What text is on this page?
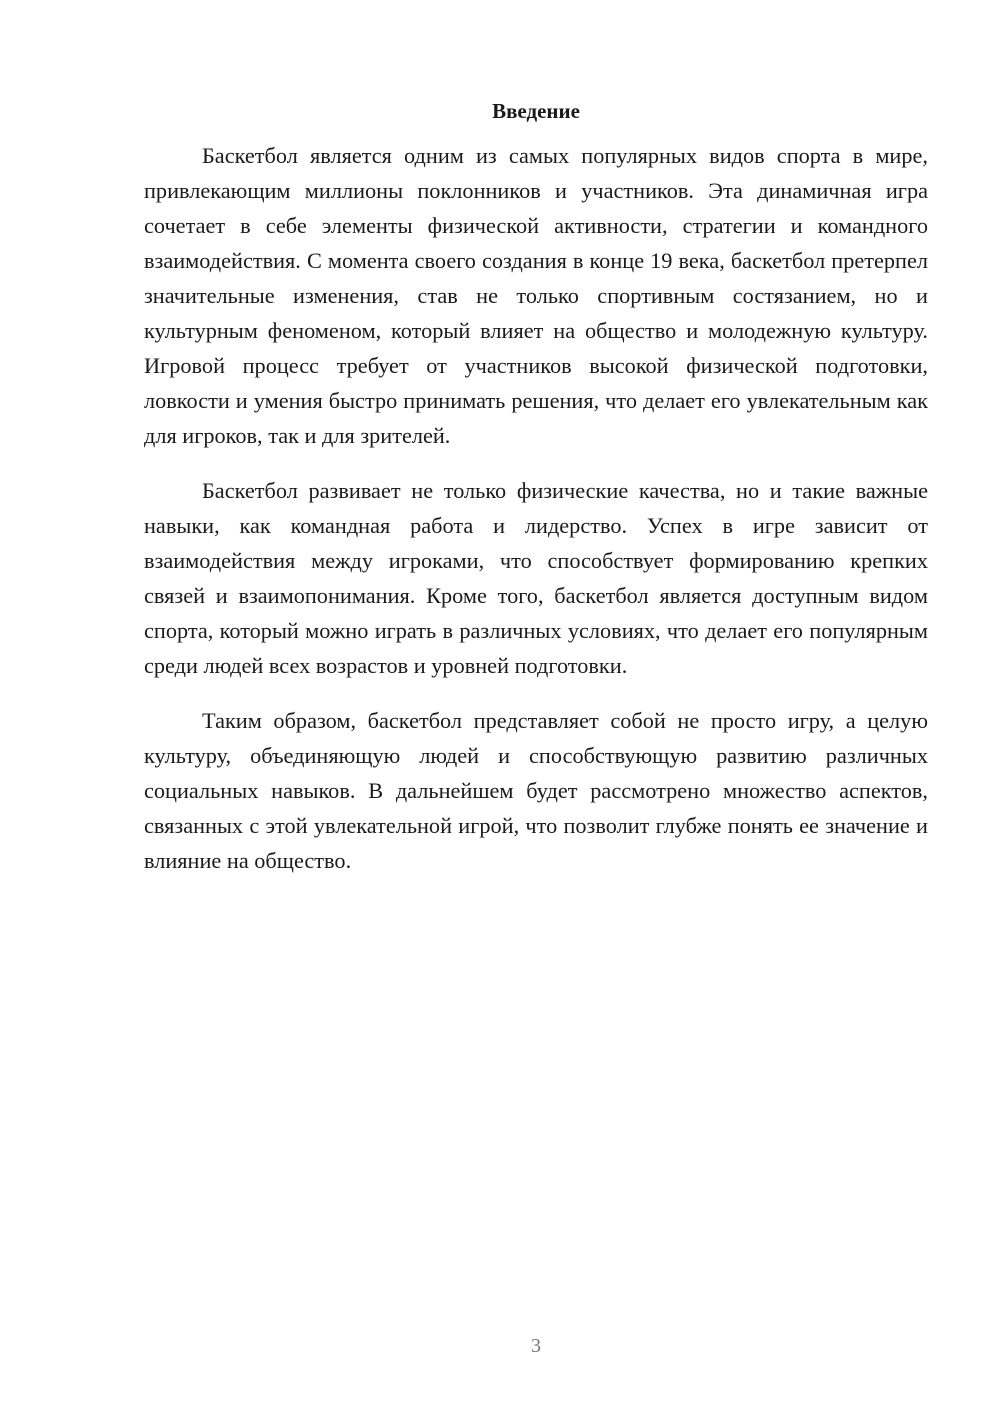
Введение

Баскетбол является одним из самых популярных видов спорта в мире, привлекающим миллионы поклонников и участников. Эта динамичная игра сочетает в себе элементы физической активности, стратегии и командного взаимодействия. С момента своего создания в конце 19 века, баскетбол претерпел значительные изменения, став не только спортивным состязанием, но и культурным феноменом, который влияет на общество и молодежную культуру. Игровой процесс требует от участников высокой физической подготовки, ловкости и умения быстро принимать решения, что делает его увлекательным как для игроков, так и для зрителей.

Баскетбол развивает не только физические качества, но и такие важные навыки, как командная работа и лидерство. Успех в игре зависит от взаимодействия между игроками, что способствует формированию крепких связей и взаимопонимания. Кроме того, баскетбол является доступным видом спорта, который можно играть в различных условиях, что делает его популярным среди людей всех возрастов и уровней подготовки.

Таким образом, баскетбол представляет собой не просто игру, а целую культуру, объединяющую людей и способствующую развитию различных социальных навыков. В дальнейшем будет рассмотрено множество аспектов, связанных с этой увлекательной игрой, что позволит глубже понять ее значение и влияние на общество.

3
